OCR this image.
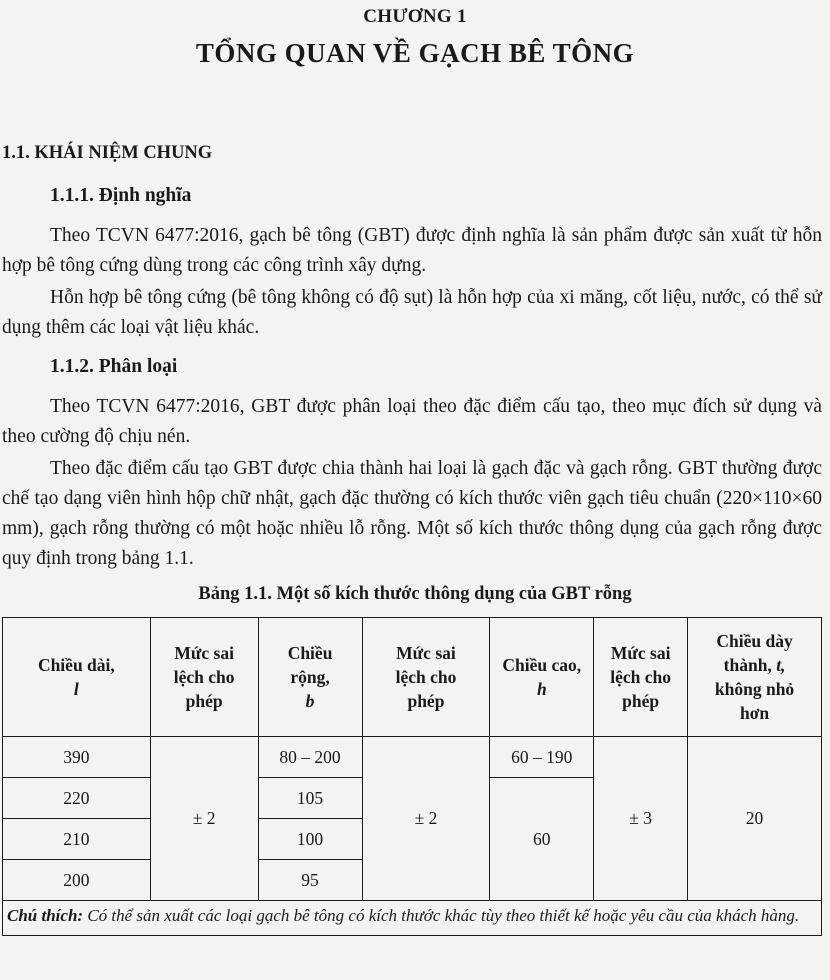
CHƯƠNG 1
TỔNG QUAN VỀ GẠCH BÊ TÔNG
1.1. KHÁI NIỆM CHUNG
1.1.1. Định nghĩa

Theo TCVN 6477:2016, gạch bê tông (GBT) được định nghĩa là sản phẩm được sản xuất từ hỗn hợp bê tông cứng dùng trong các công trình xây dựng.

Hỗn hợp bê tông cứng (bê tông không có độ sụt) là hỗn hợp của xi măng, cốt liệu, nước, có thể sử dụng thêm các loại vật liệu khác.

1.1.2. Phân loại

Theo TCVN 6477:2016, GBT được phân loại theo đặc điểm cấu tạo, theo mục đích sử dụng và theo cường độ chịu nén.

Theo đặc điểm cấu tạo GBT được chia thành hai loại là gạch đặc và gạch rỗng. GBT thường được chế tạo dạng viên hình hộp chữ nhật, gạch đặc thường có kích thước viên gạch tiêu chuẩn (220×110×60 mm), gạch rỗng thường có một hoặc nhiều lỗ rỗng. Một số kích thước thông dụng của gạch rỗng được quy định trong bảng 1.1.

Bảng 1.1. Một số kích thước thông dụng của GBT rỗng
Chiều dài,
l	Mức sai lệch cho phép	Chiều rộng,
b	Mức sai lệch cho phép	Chiều cao,
h	Mức sai lệch cho phép	Chiều dày thành, t, không nhỏ hơn

390	± 2	80 – 200	± 2	60 – 190	± 3	20
220		105		60		
210		100				
200		95				
Chú thích: Có thể sản xuất các loại gạch bê tông có kích thước khác tùy theo thiết kế hoặc yêu cầu của khách hàng.						
